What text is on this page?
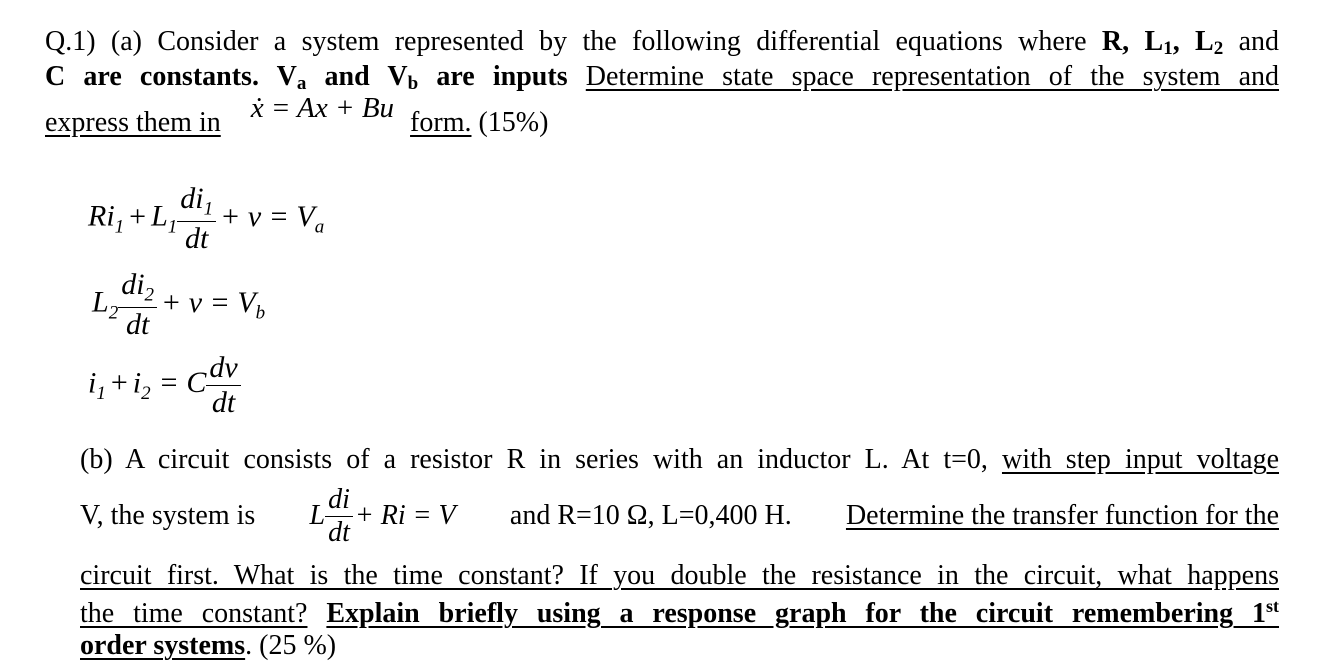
Q.1) (a) Consider a system represented by the following differential equations where R, $L_1$, $L_2$ and
C are constants. $V_a$ and $V_b$ are inputs Determine state space representation of the system and
express them in ẋ = Ax + Bu form. (15%)
$Ri_1 + L_1 \frac{di_1}{dt} + v = V_a$
$L_2 \frac{di_2}{dt} + v = V_b$
$i_1 + i_2 = C \frac{dv}{dt}$
(b) A circuit consists of a resistor R in series with an inductor L. At t=0, with step input voltage
V, the system is L $\frac{di}{dt} + Ri = V$ and R=10 Ω, L=0,400 H. Determine the transfer function for the
circuit first. What is the time constant? If you double the resistance in the circuit, what happens
the time constant? Explain briefly using a response graph for the circuit remembering 1st
order systems. (25 %)
